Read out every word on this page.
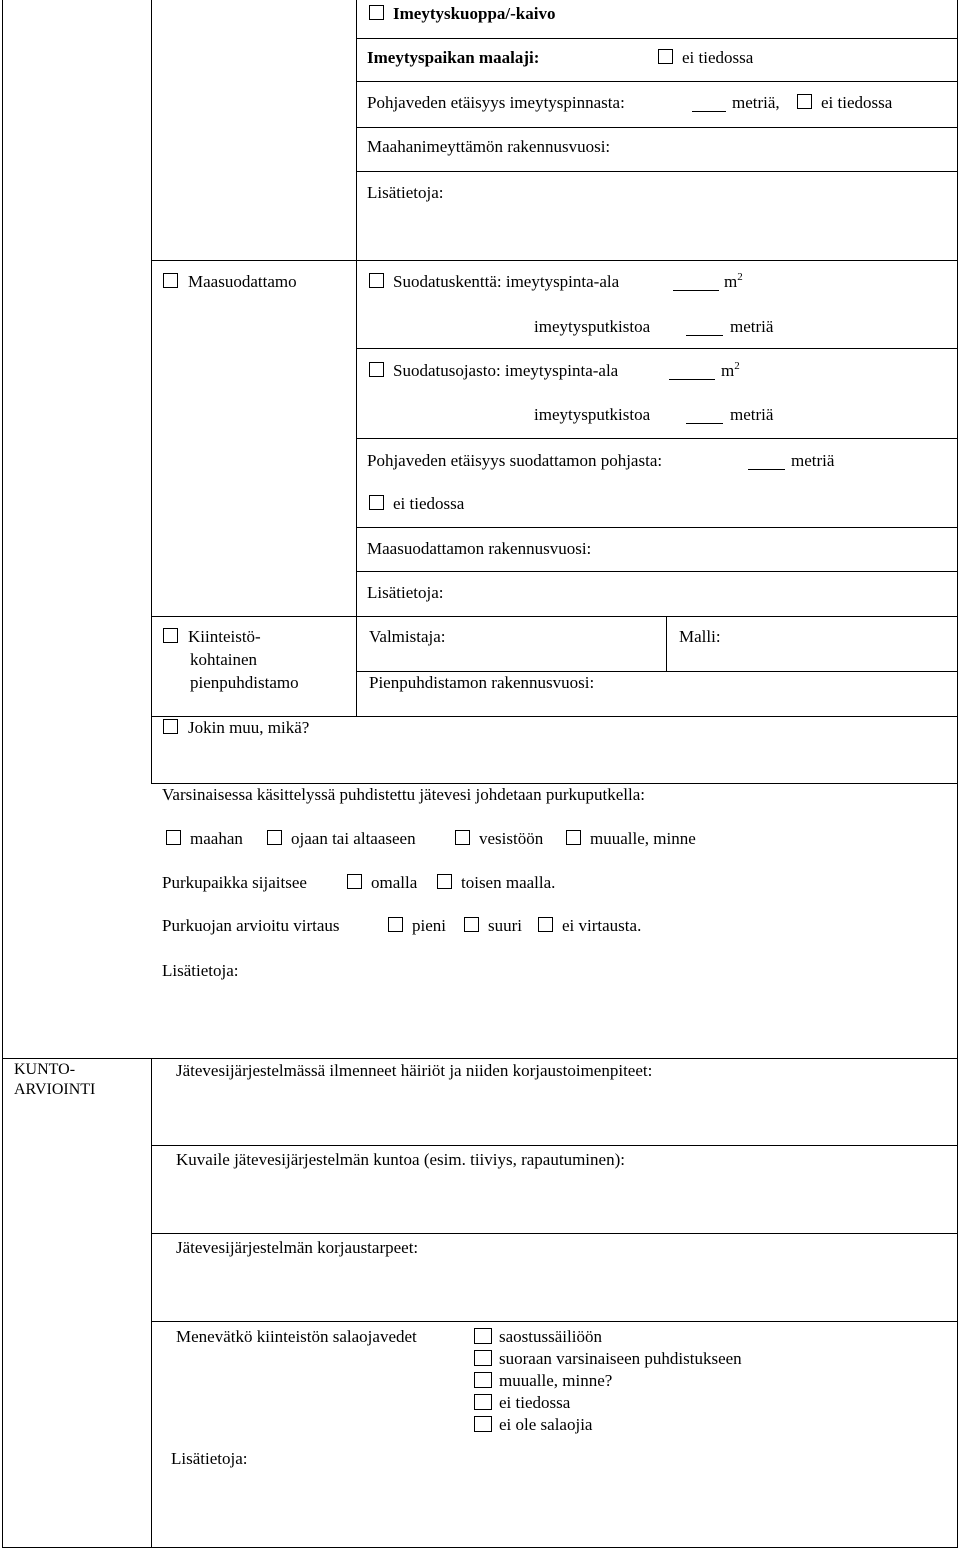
Imeytyskuoppa/-kaivo
Imeytyspaikan maalaji:	ei tiedossa
Pohjaveden etäisyys imeytyspinnasta:	metriä, ei tiedossa
Maahanimeyttämön rakennusvuosi:
Lisätietoja:
Maasuodattamo	Suodatuskenttä: imeytyspinta-ala	$m^2$
imeytysputkistoa	metriä
Suodatusojasto: imeytyspinta-ala	$m^2$
imeytysputkistoa	metriä
Pohjaveden etäisyys suodattamon pohjasta:	metriä
ei tiedossa
Maasuodattamon rakennusvuosi:
Lisätietoja:
Kiinteistö-
kohtainen
pienpuhdistamo
Valmistaja:	Malli:
Pienpuhdistamon rakennusvuosi:
Jokin muu, mikä?
Varsinaisessa käsittelyssä puhdistettu jätevesi johdetaan purkuputkella:
maahan	ojaan tai altaaseen	vesistöön	muualle, minne
Purkupaikka sijaitsee	omalla	toisen maalla.
Purkuojan arvioitu virtaus	pieni suuri ei virtausta.
Lisätietoja:
KUNTO-
ARVIOINTI
Jätevesijärjestelmässä ilmenneet häiriöt ja niiden korjaustoimenpiteet:
Kuvaile jätevesijärjestelmän kuntoa (esim. tiiviys, rapautuminen):
Jätevesijärjestelmän korjaustarpeet:
Menevätkö kiinteistön salaojavedet	saostussäiliöön
suoraan varsinaiseen puhdistukseen
muualle, minne?
ei tiedossa
ei ole salaojia
Lisätietoja:
